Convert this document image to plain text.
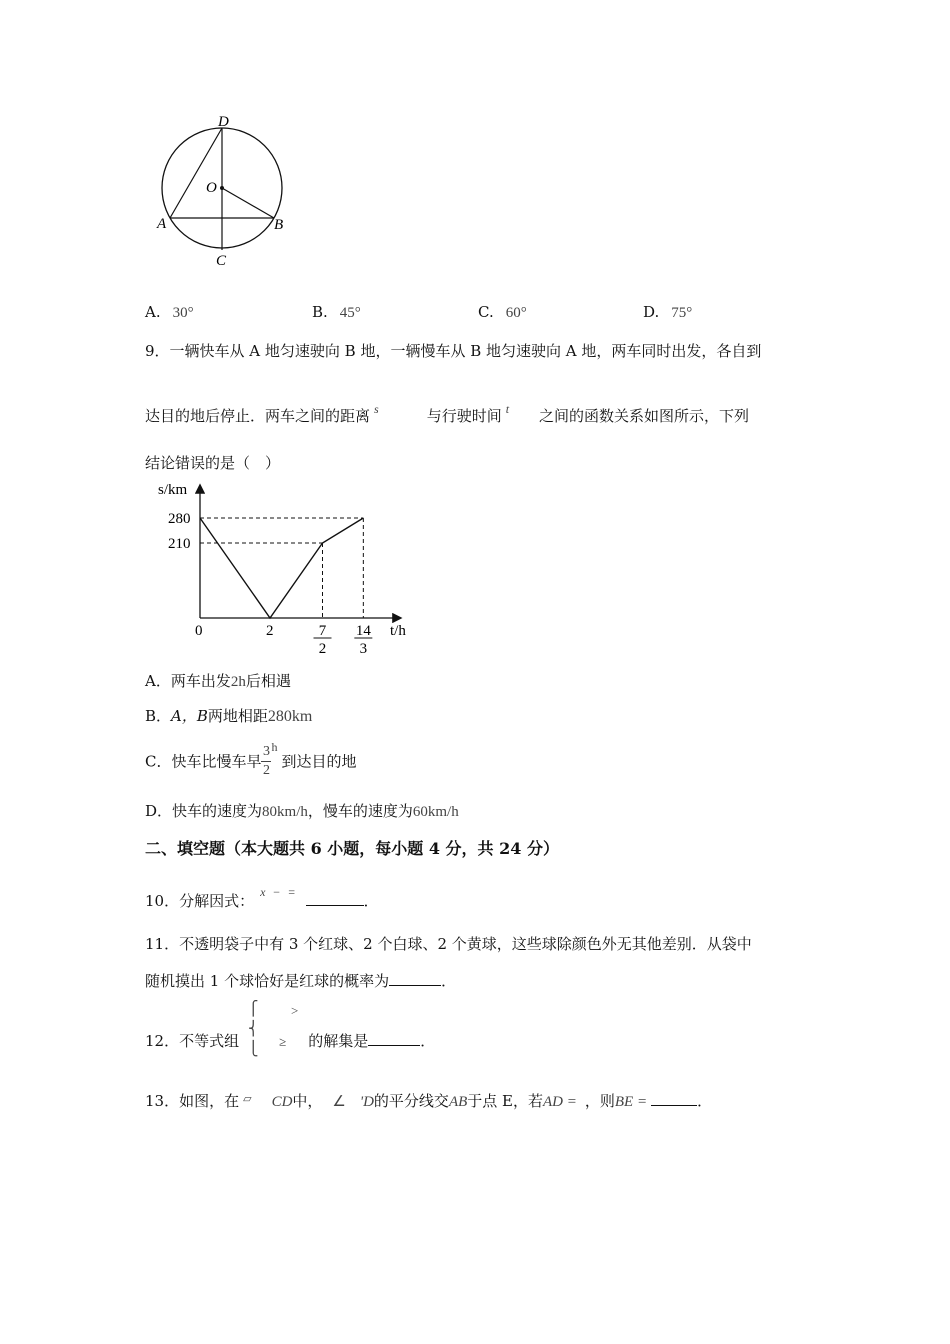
D
O
A	B
C
A. 30°	B. 45°	C. 60°	D. 75°
9．一辆快车从 A 地匀速驶向 B 地，一辆慢车从 B 地匀速驶向 A 地，两车同时出发，各自到
达目的地后停止．两车之间的距离 $^s$	与行驶时间 $^t$ 之间的函数关系如图所示，下列
结论错误的是（　）
s/km
t/h
0
280
210
2	7
2
14
3
A．两车出发2h后相遇
B．A，B两地相距280km
C．快车比慢车早 $\frac{3}{2} ^h$到达目的地
D．快车的速度为80km/h，慢车的速度为60km/h
二、填空题（本大题共 6 小题，每小题 4 分，共 24 分）
10．分解因式： $^{x - =}$	．
11．不透明袋子中有 3 个红球、2 个白球、2 个黄球，这些球除颜色外无其他差别．从袋中
随机摸出 1 个球恰好是红球的概率为	．
⎧
⎨
⎩
>
12．不等式组	≥ 的解集是	．
13．如图，在 ▱ CD中， ∠ 'D的平分线交AB于点 E，若AD = ，则BE =	．
